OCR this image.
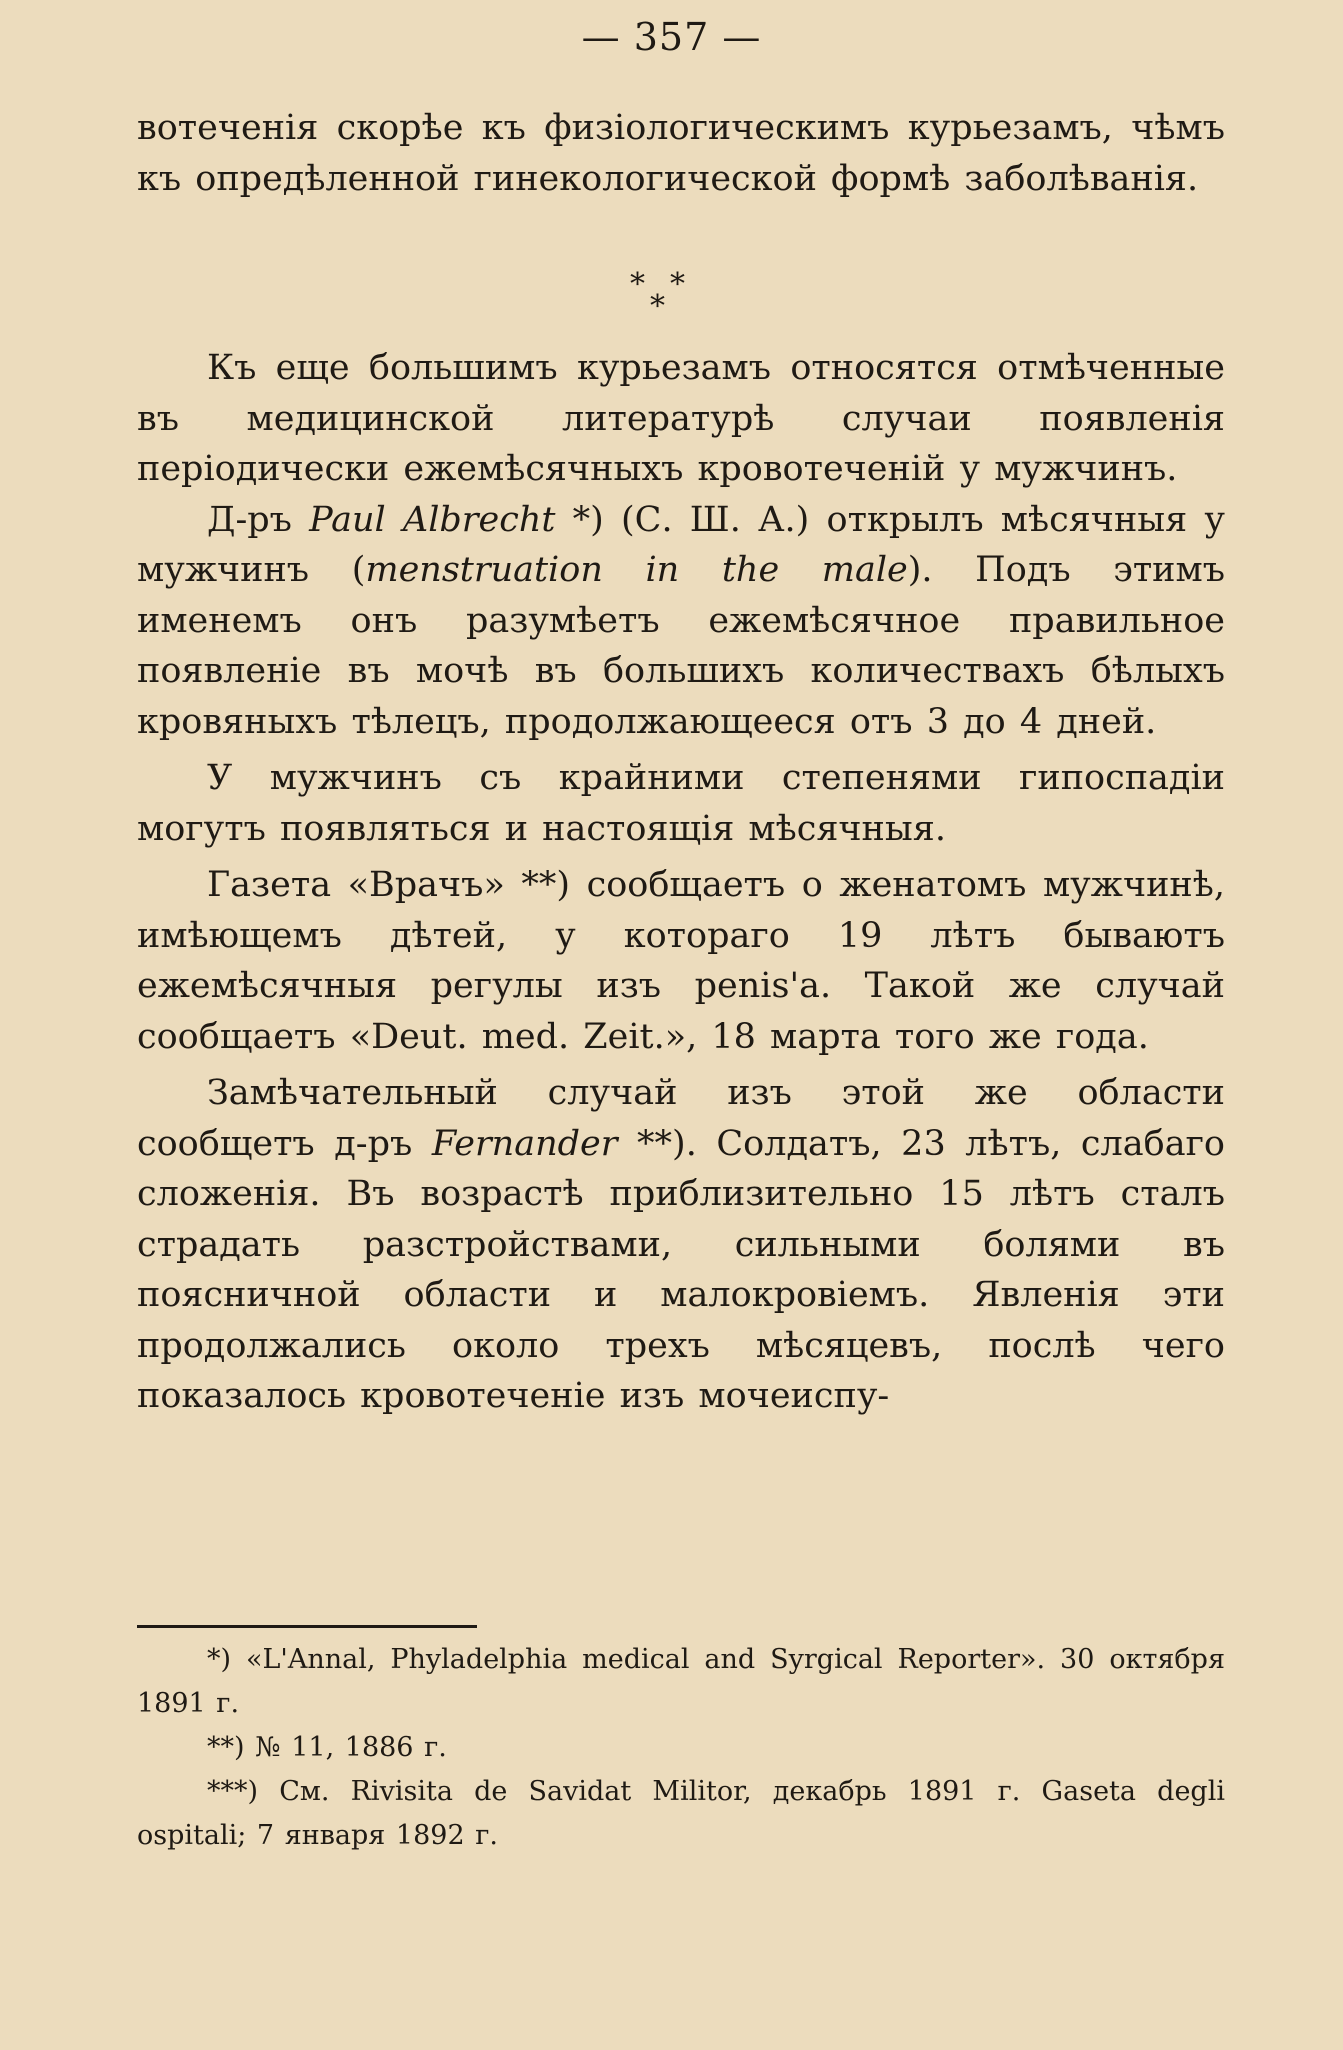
— 357 —

вотеченія скорѣе къ физіологическимъ курьезамъ, чѣмъ къ опредѣленной гинекологической формѣ заболѣванія.

* *
*

Къ еще большимъ курьезамъ относятся отмѣченные въ медицинской литературѣ случаи появленія періодически ежемѣсячныхъ кровотеченій у мужчинъ.

Д-ръ Paul Albrecht *) (С. Ш. А.) открылъ мѣсячныя у мужчинъ (menstruation in the male). Подъ этимъ именемъ онъ разумѣетъ ежемѣсячное правильное появленіе въ мочѣ въ большихъ количествахъ бѣлыхъ кровяныхъ тѣлецъ, продолжающееся отъ 3 до 4 дней.

У мужчинъ съ крайними степенями гипоспадіи могутъ появляться и настоящія мѣсячныя.

Газета «Врачъ» **) сообщаетъ о женатомъ мужчинѣ, имѣющемъ дѣтей, у котораго 19 лѣтъ бываютъ ежемѣсячныя регулы изъ penis'а. Такой же случай сообщаетъ «Deut. med. Zeit.», 18 марта того же года.

Замѣчательный случай изъ этой же области сообщетъ д-ръ Fernander **). Солдатъ, 23 лѣтъ, слабаго сложенія. Въ возрастѣ приблизительно 15 лѣтъ сталъ страдать разстройствами, сильными болями въ поясничной области и малокровіемъ. Явленія эти продолжались около трехъ мѣсяцевъ, послѣ чего показалось кровотеченіе изъ мочеиспу-

*) «L'Annal, Phyladelphia medical and Syrgical Reporter». 30 октября 1891 г.

**) № 11, 1886 г.

***) См. Rivisita de Savidat Militor, декабрь 1891 г. Gaseta degli ospitali; 7 января 1892 г.
